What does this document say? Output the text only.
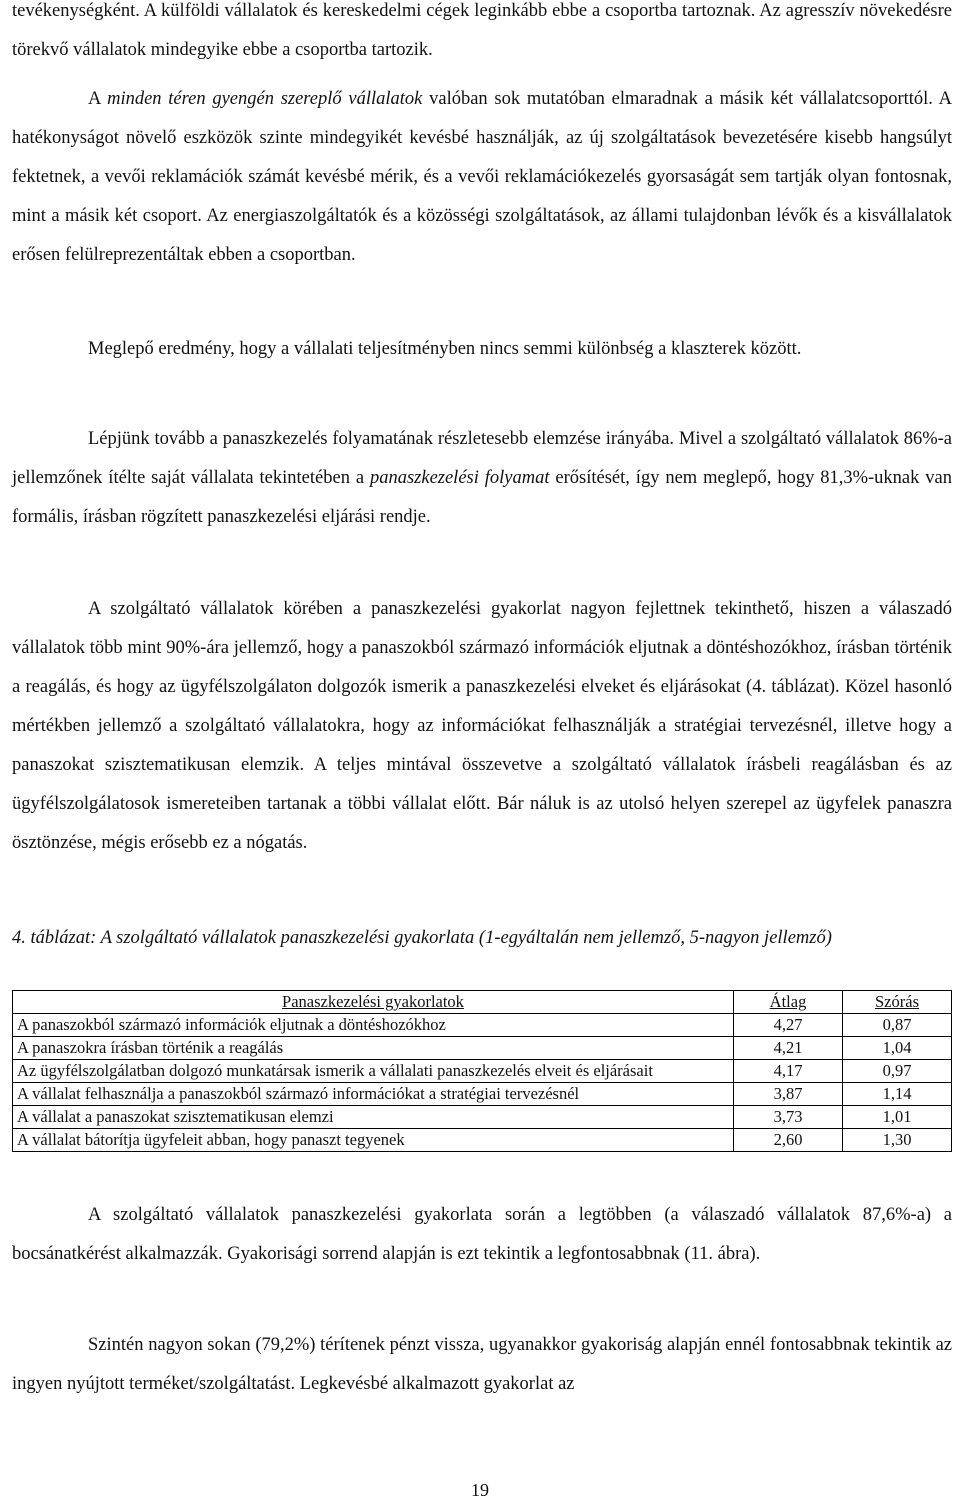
tevékenységként. A külföldi vállalatok és kereskedelmi cégek leginkább ebbe a csoportba tartoznak. Az agresszív növekedésre törekvő vállalatok mindegyike ebbe a csoportba tartozik.

A minden téren gyengén szereplő vállalatok valóban sok mutatóban elmaradnak a másik két vállalatcsoporttól. A hatékonyságot növelő eszközök szinte mindegyikét kevésbé használják, az új szolgáltatások bevezetésére kisebb hangsúlyt fektetnek, a vevői reklamációk számát kevésbé mérik, és a vevői reklamációkezelés gyorsaságát sem tartják olyan fontosnak, mint a másik két csoport. Az energiaszolgáltatók és a közösségi szolgáltatások, az állami tulajdonban lévők és a kisvállalatok erősen felülreprezentáltak ebben a csoportban.

Meglepő eredmény, hogy a vállalati teljesítményben nincs semmi különbség a klaszterek között.

Lépjünk tovább a panaszkezelés folyamatának részletesebb elemzése irányába. Mivel a szolgáltató vállalatok 86%-a jellemzőnek ítélte saját vállalata tekintetében a panaszkezelési folyamat erősítését, így nem meglepő, hogy 81,3%-uknak van formális, írásban rögzített panaszkezelési eljárási rendje.

A szolgáltató vállalatok körében a panaszkezelési gyakorlat nagyon fejlettnek tekinthető, hiszen a válaszadó vállalatok több mint 90%-ára jellemző, hogy a panaszokból származó információk eljutnak a döntéshozókhoz, írásban történik a reagálás, és hogy az ügyfélszolgálaton dolgozók ismerik a panaszkezelési elveket és eljárásokat (4. táblázat). Közel hasonló mértékben jellemző a szolgáltató vállalatokra, hogy az információkat felhasználják a stratégiai tervezésnél, illetve hogy a panaszokat szisztematikusan elemzik. A teljes mintával összevetve a szolgáltató vállalatok írásbeli reagálásban és az ügyfélszolgálatosok ismereteiben tartanak a többi vállalat előtt. Bár náluk is az utolsó helyen szerepel az ügyfelek panaszra ösztönzése, mégis erősebb ez a nógatás.

4. táblázat: A szolgáltató vállalatok panaszkezelési gyakorlata (1-egyáltalán nem jellemző, 5-nagyon jellemző)

Panaszkezelési gyakorlatok	Átlag	Szórás
A panaszokból származó információk eljutnak a döntéshozókhoz	4,27	0,87
A panaszokra írásban történik a reagálás	4,21	1,04
Az ügyfélszolgálatban dolgozó munkatársak ismerik a vállalati panaszkezelés elveit és eljárásait	4,17	0,97
A vállalat felhasználja a panaszokból származó információkat a stratégiai tervezésnél	3,87	1,14
A vállalat a panaszokat szisztematikusan elemzi	3,73	1,01
A vállalat bátorítja ügyfeleit abban, hogy panaszt tegyenek	2,60	1,30

A szolgáltató vállalatok panaszkezelési gyakorlata során a legtöbben (a válaszadó vállalatok 87,6%-a) a bocsánatkérést alkalmazzák. Gyakorisági sorrend alapján is ezt tekintik a legfontosabbnak (11. ábra).

Szintén nagyon sokan (79,2%) térítenek pénzt vissza, ugyanakkor gyakoriság alapján ennél fontosabbnak tekintik az ingyen nyújtott terméket/szolgáltatást. Legkevésbé alkalmazott gyakorlat az

19
